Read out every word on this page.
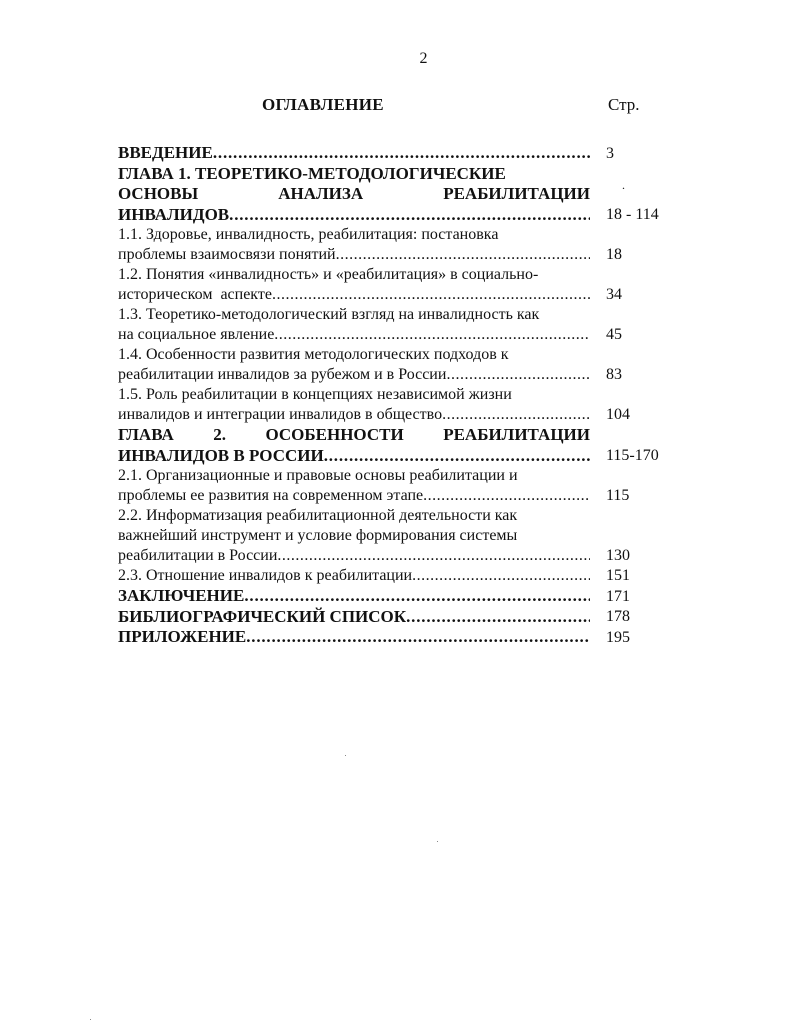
2
ОГЛАВЛЕНИЕ	Стр.
.
ВВЕДЕНИЕ .....	3
ГЛАВА 1. ТЕОРЕТИКО-МЕТОДОЛОГИЧЕСКИЕ
ОСНОВЫ АНАЛИЗА РЕАБИЛИТАЦИИ
ИНВАЛИДОВ .....	18 - 114
1.1. Здоровье, инвалидность, реабилитация: постановка
проблемы взаимосвязи понятий .....	18
1.2. Понятия «инвалидность» и «реабилитация» в социально-
историческом  аспекте .....	34
1.3. Теоретико-методологический взгляд на инвалидность как
на социальное явление .....	45
1.4. Особенности развития методологических подходов к
реабилитации инвалидов за рубежом и в России .....	83
1.5. Роль реабилитации в концепциях независимой жизни
инвалидов и интеграции инвалидов в общество .....	104
ГЛАВА 2. ОСОБЕННОСТИ РЕАБИЛИТАЦИИ
ИНВАЛИДОВ В РОССИИ .....	115-170
2.1. Организационные и правовые основы реабилитации и
проблемы ее развития на современном этапе .....	115
2.2. Информатизация реабилитационной деятельности как
важнейший инструмент и условие формирования системы
реабилитации в России .....	130
2.3. Отношение инвалидов к реабилитации .....	151
ЗАКЛЮЧЕНИЕ .....	171
БИБЛИОГРАФИЧЕСКИЙ СПИСОК .....	178
ПРИЛОЖЕНИЕ .....	195
